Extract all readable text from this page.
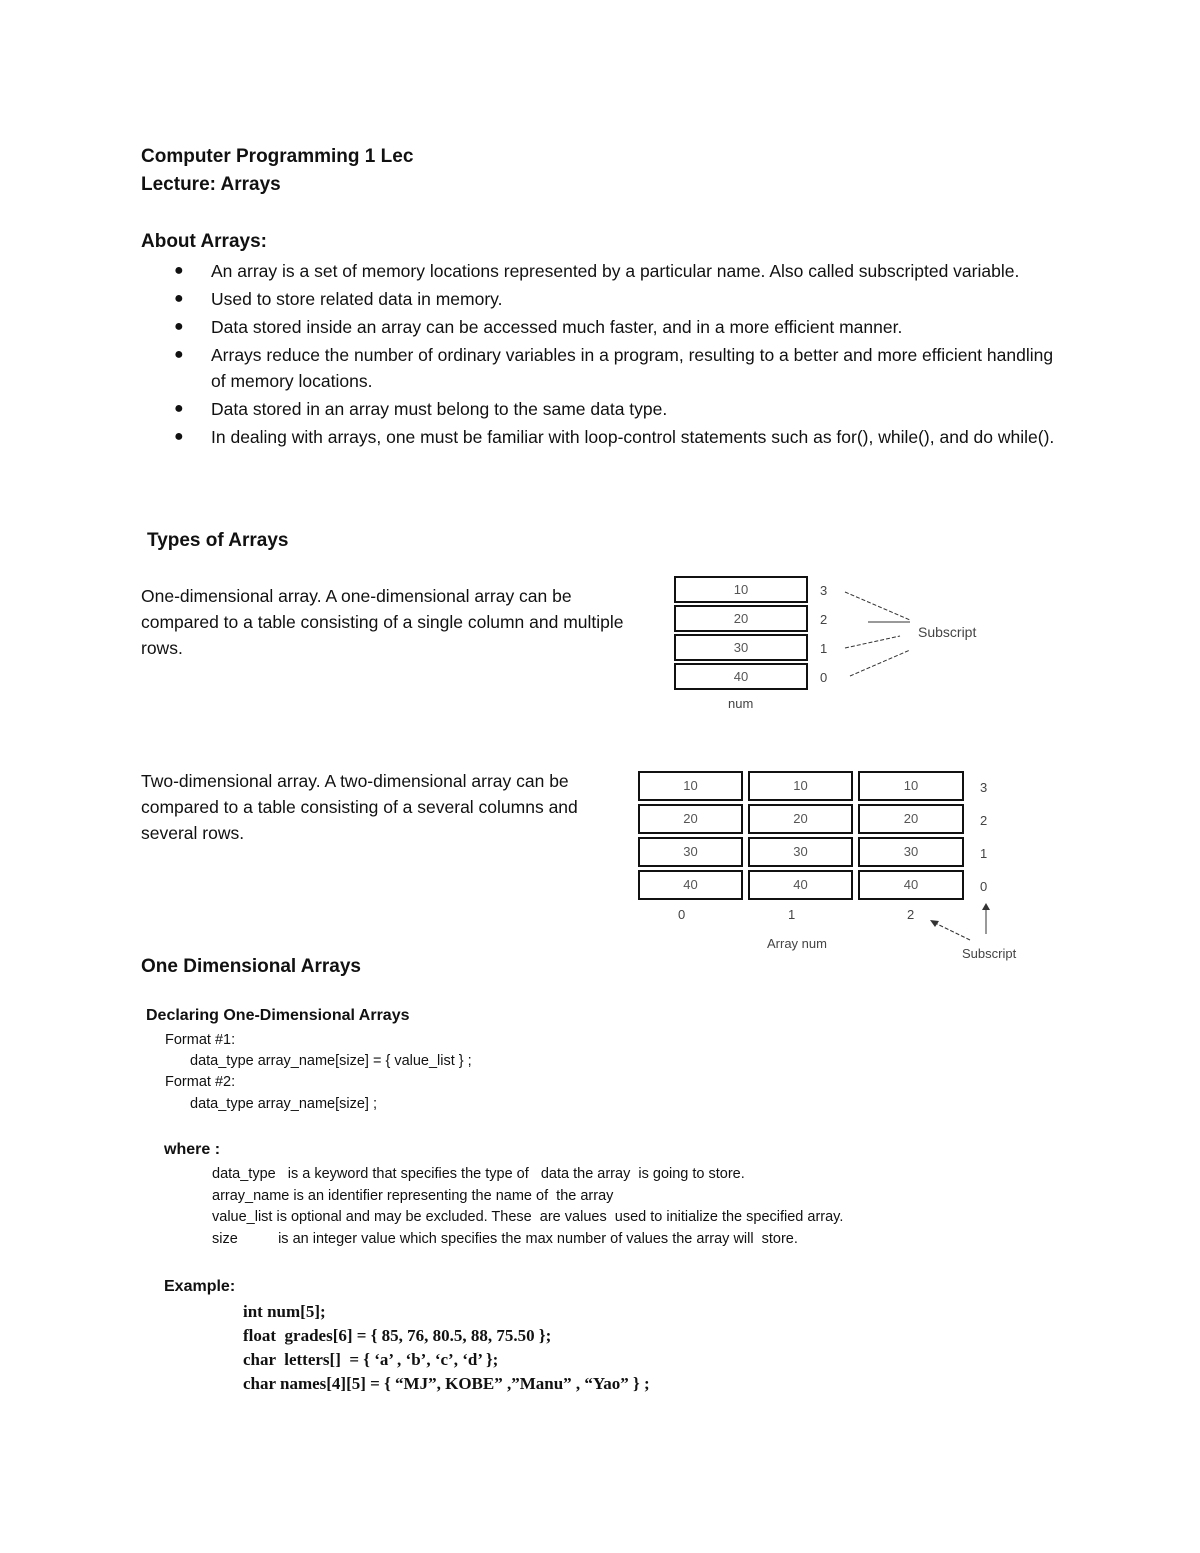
Computer Programming 1 Lec
Lecture: Arrays
About Arrays:
● An array is a set of memory locations represented by a particular name. Also called subscripted variable.
● Used to store related data in memory.
● Data stored inside an array can be accessed much faster, and in a more efficient manner.
● Arrays reduce the number of ordinary variables in a program, resulting to a better and more efficient handling of memory locations.
● Data stored in an array must belong to the same data type.
● In dealing with arrays, one must be familiar with loop-control statements such as for(), while(), and do while().
Types of Arrays
One-dimensional array. A one-dimensional array can be compared to a table consisting of a single column and multiple rows.
Two-dimensional array. A two-dimensional array can be compared to a table consisting of a several columns and several rows.
10
20
30
40
3
2
1
0
Subscript
num
10
20
30
40
10
20
30
40
10
20
30
40
3
2
1
0
0	1	2
Array num
Subscript
One Dimensional Arrays
Declaring One-Dimensional Arrays
Format #1:
data_type array_name[size] = { value_list } ;
Format #2:
data_type array_name[size] ;
where :
data_type   is a keyword that specifies the type of   data the array  is going to store.
array_name is an identifier representing the name of  the array
value_list is optional and may be excluded. These  are values  used to initialize the specified array.
size          is an integer value which specifies the max number of values the array will  store.
Example:
int num[5];
float  grades[6] = { 85, 76, 80.5, 88, 75.50 };
char  letters[]  = { ‘a’ , ‘b’, ‘c’, ‘d’ };
char names[4][5] = { “MJ”, KOBE” ,”Manu” , “Yao” } ;
